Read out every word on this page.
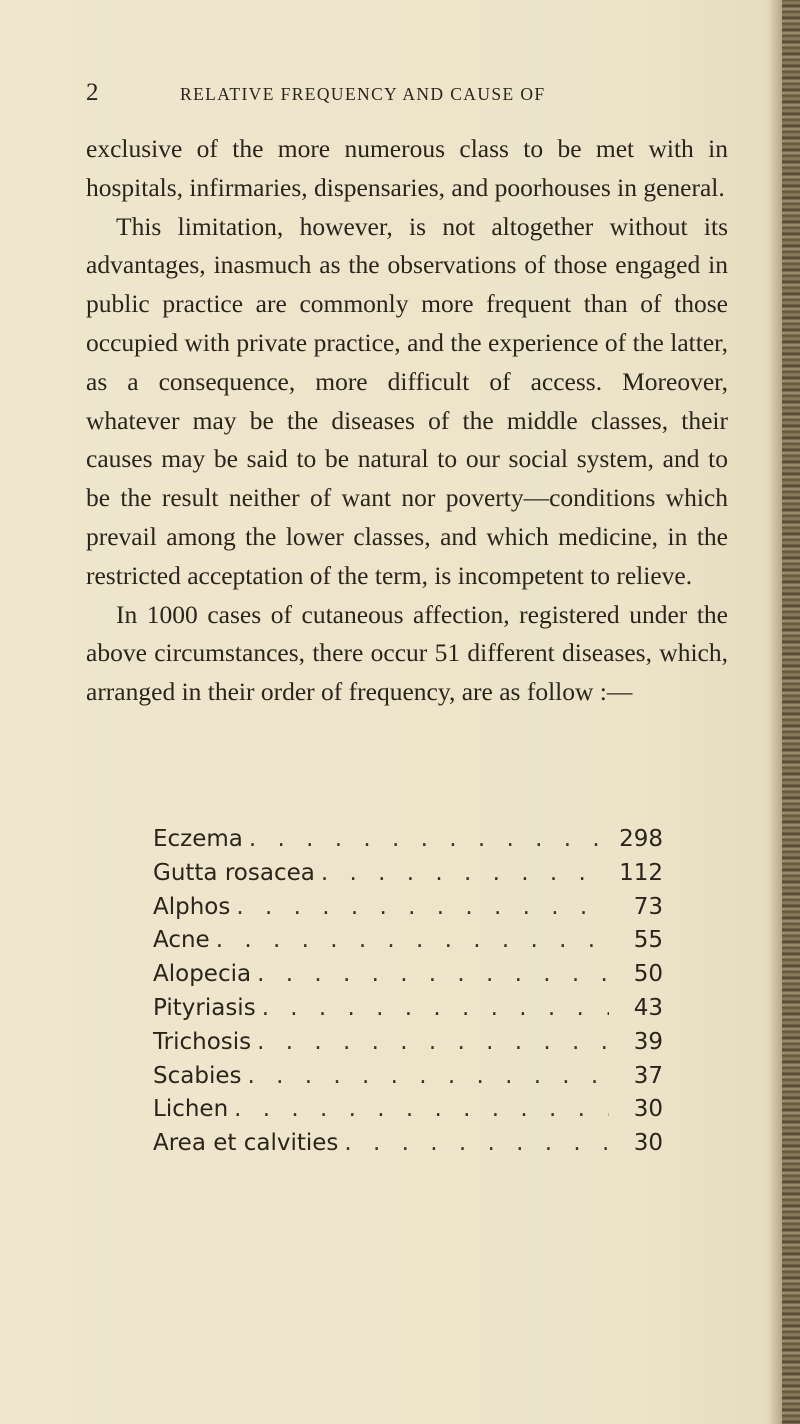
2	RELATIVE FREQUENCY AND CAUSE OF

exclusive of the more numerous class to be met with in hospitals, infirmaries, dispensaries, and poorhouses in general.

This limitation, however, is not altogether without its advantages, inasmuch as the observations of those engaged in public practice are commonly more frequent than of those occupied with private practice, and the experience of the latter, as a consequence, more difficult of access. Moreover, whatever may be the diseases of the middle classes, their causes may be said to be natural to our social system, and to be the result neither of want nor poverty—conditions which prevail among the lower classes, and which medicine, in the restricted acceptation of the term, is incompetent to relieve.

In 1000 cases of cutaneous affection, registered under the above circumstances, there occur 51 different diseases, which, arranged in their order of frequency, are as follow :—

Eczema . . .	298
Gutta rosacea . . .	112
Alphos . . .	73
Acne . . .	55
Alopecia . . .	50
Pityriasis . . .	43
Trichosis . . .	39
Scabies . . .	37
Lichen . . .	30
Area et calvities . . .	30
